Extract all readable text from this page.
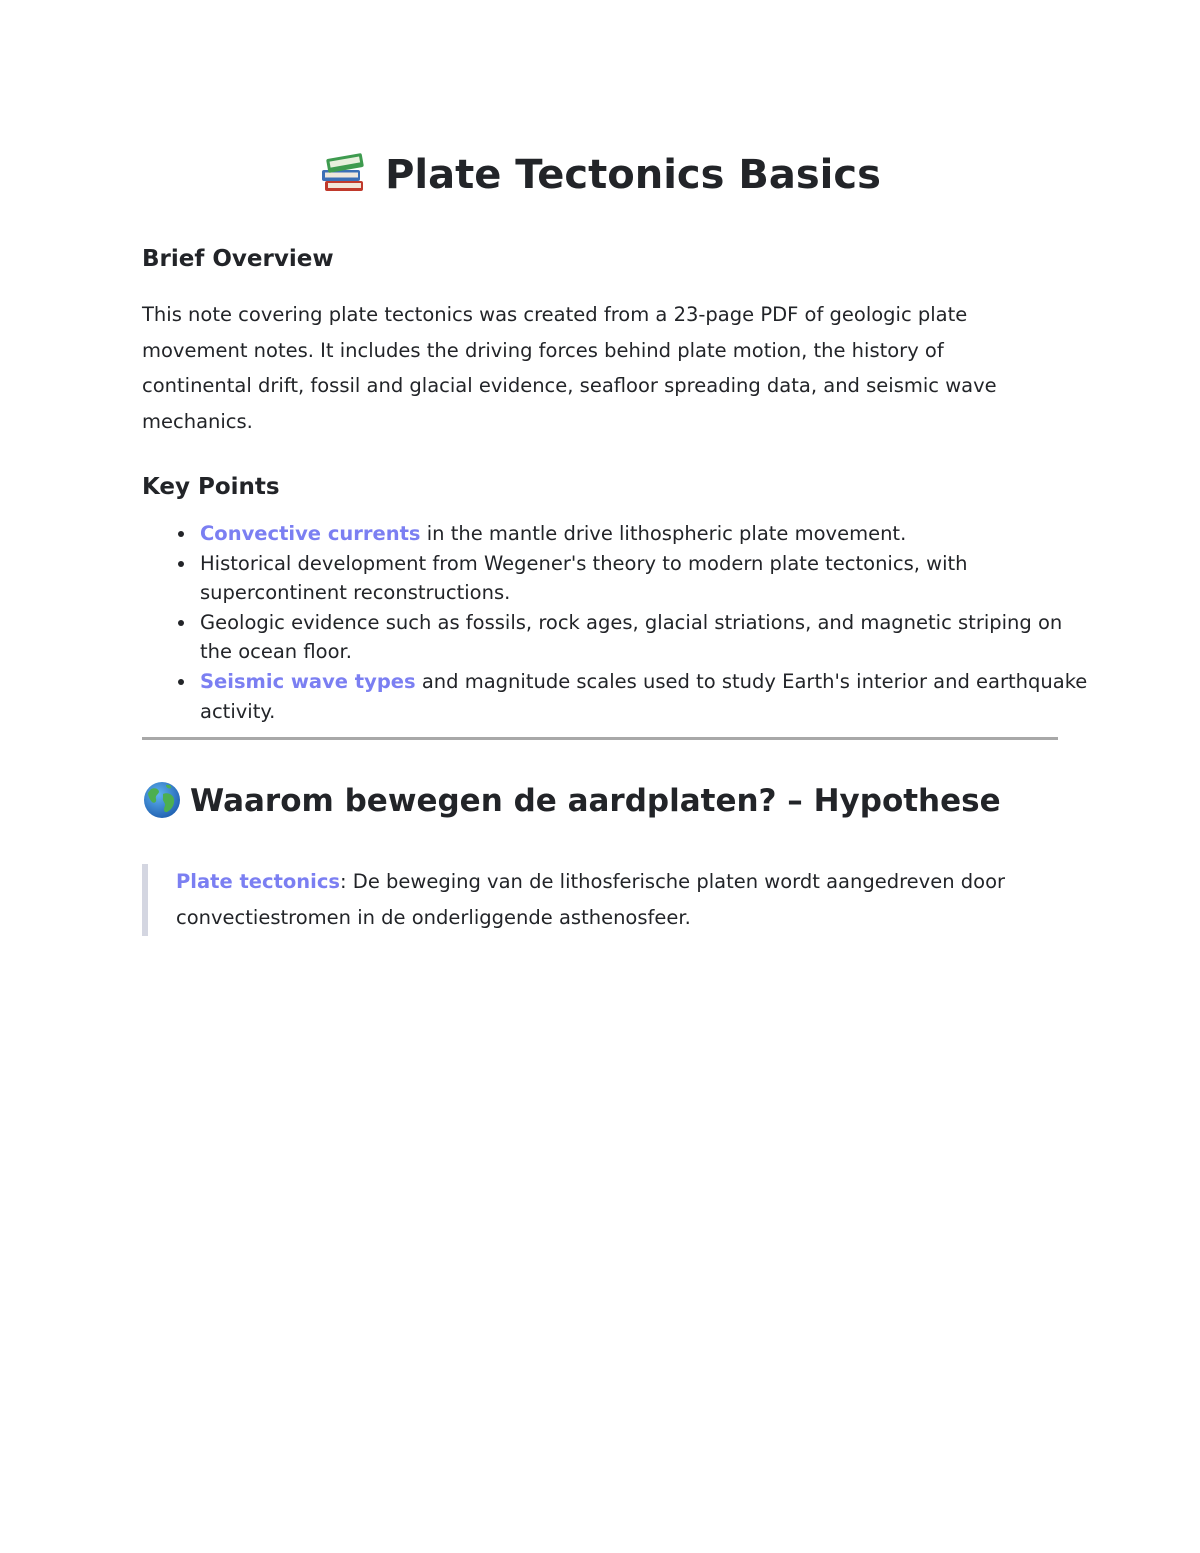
Plate Tectonics Basics
Brief Overview

This note covering plate tectonics was created from a 23-page PDF of geologic plate movement notes. It includes the driving forces behind plate motion, the history of continental drift, fossil and glacial evidence, seafloor spreading data, and seismic wave mechanics.

Key Points
Convective currents in the mantle drive lithospheric plate movement.
Historical development from Wegener's theory to modern plate tectonics, with supercontinent reconstructions.
Geologic evidence such as fossils, rock ages, glacial striations, and magnetic striping on the ocean floor.
Seismic wave types and magnitude scales used to study Earth's interior and earthquake activity.
Waarom bewegen de aardplaten? – Hypothese
Plate tectonics: De beweging van de lithosferische platen wordt aangedreven door convectiestromen in de onderliggende asthenosfeer.
